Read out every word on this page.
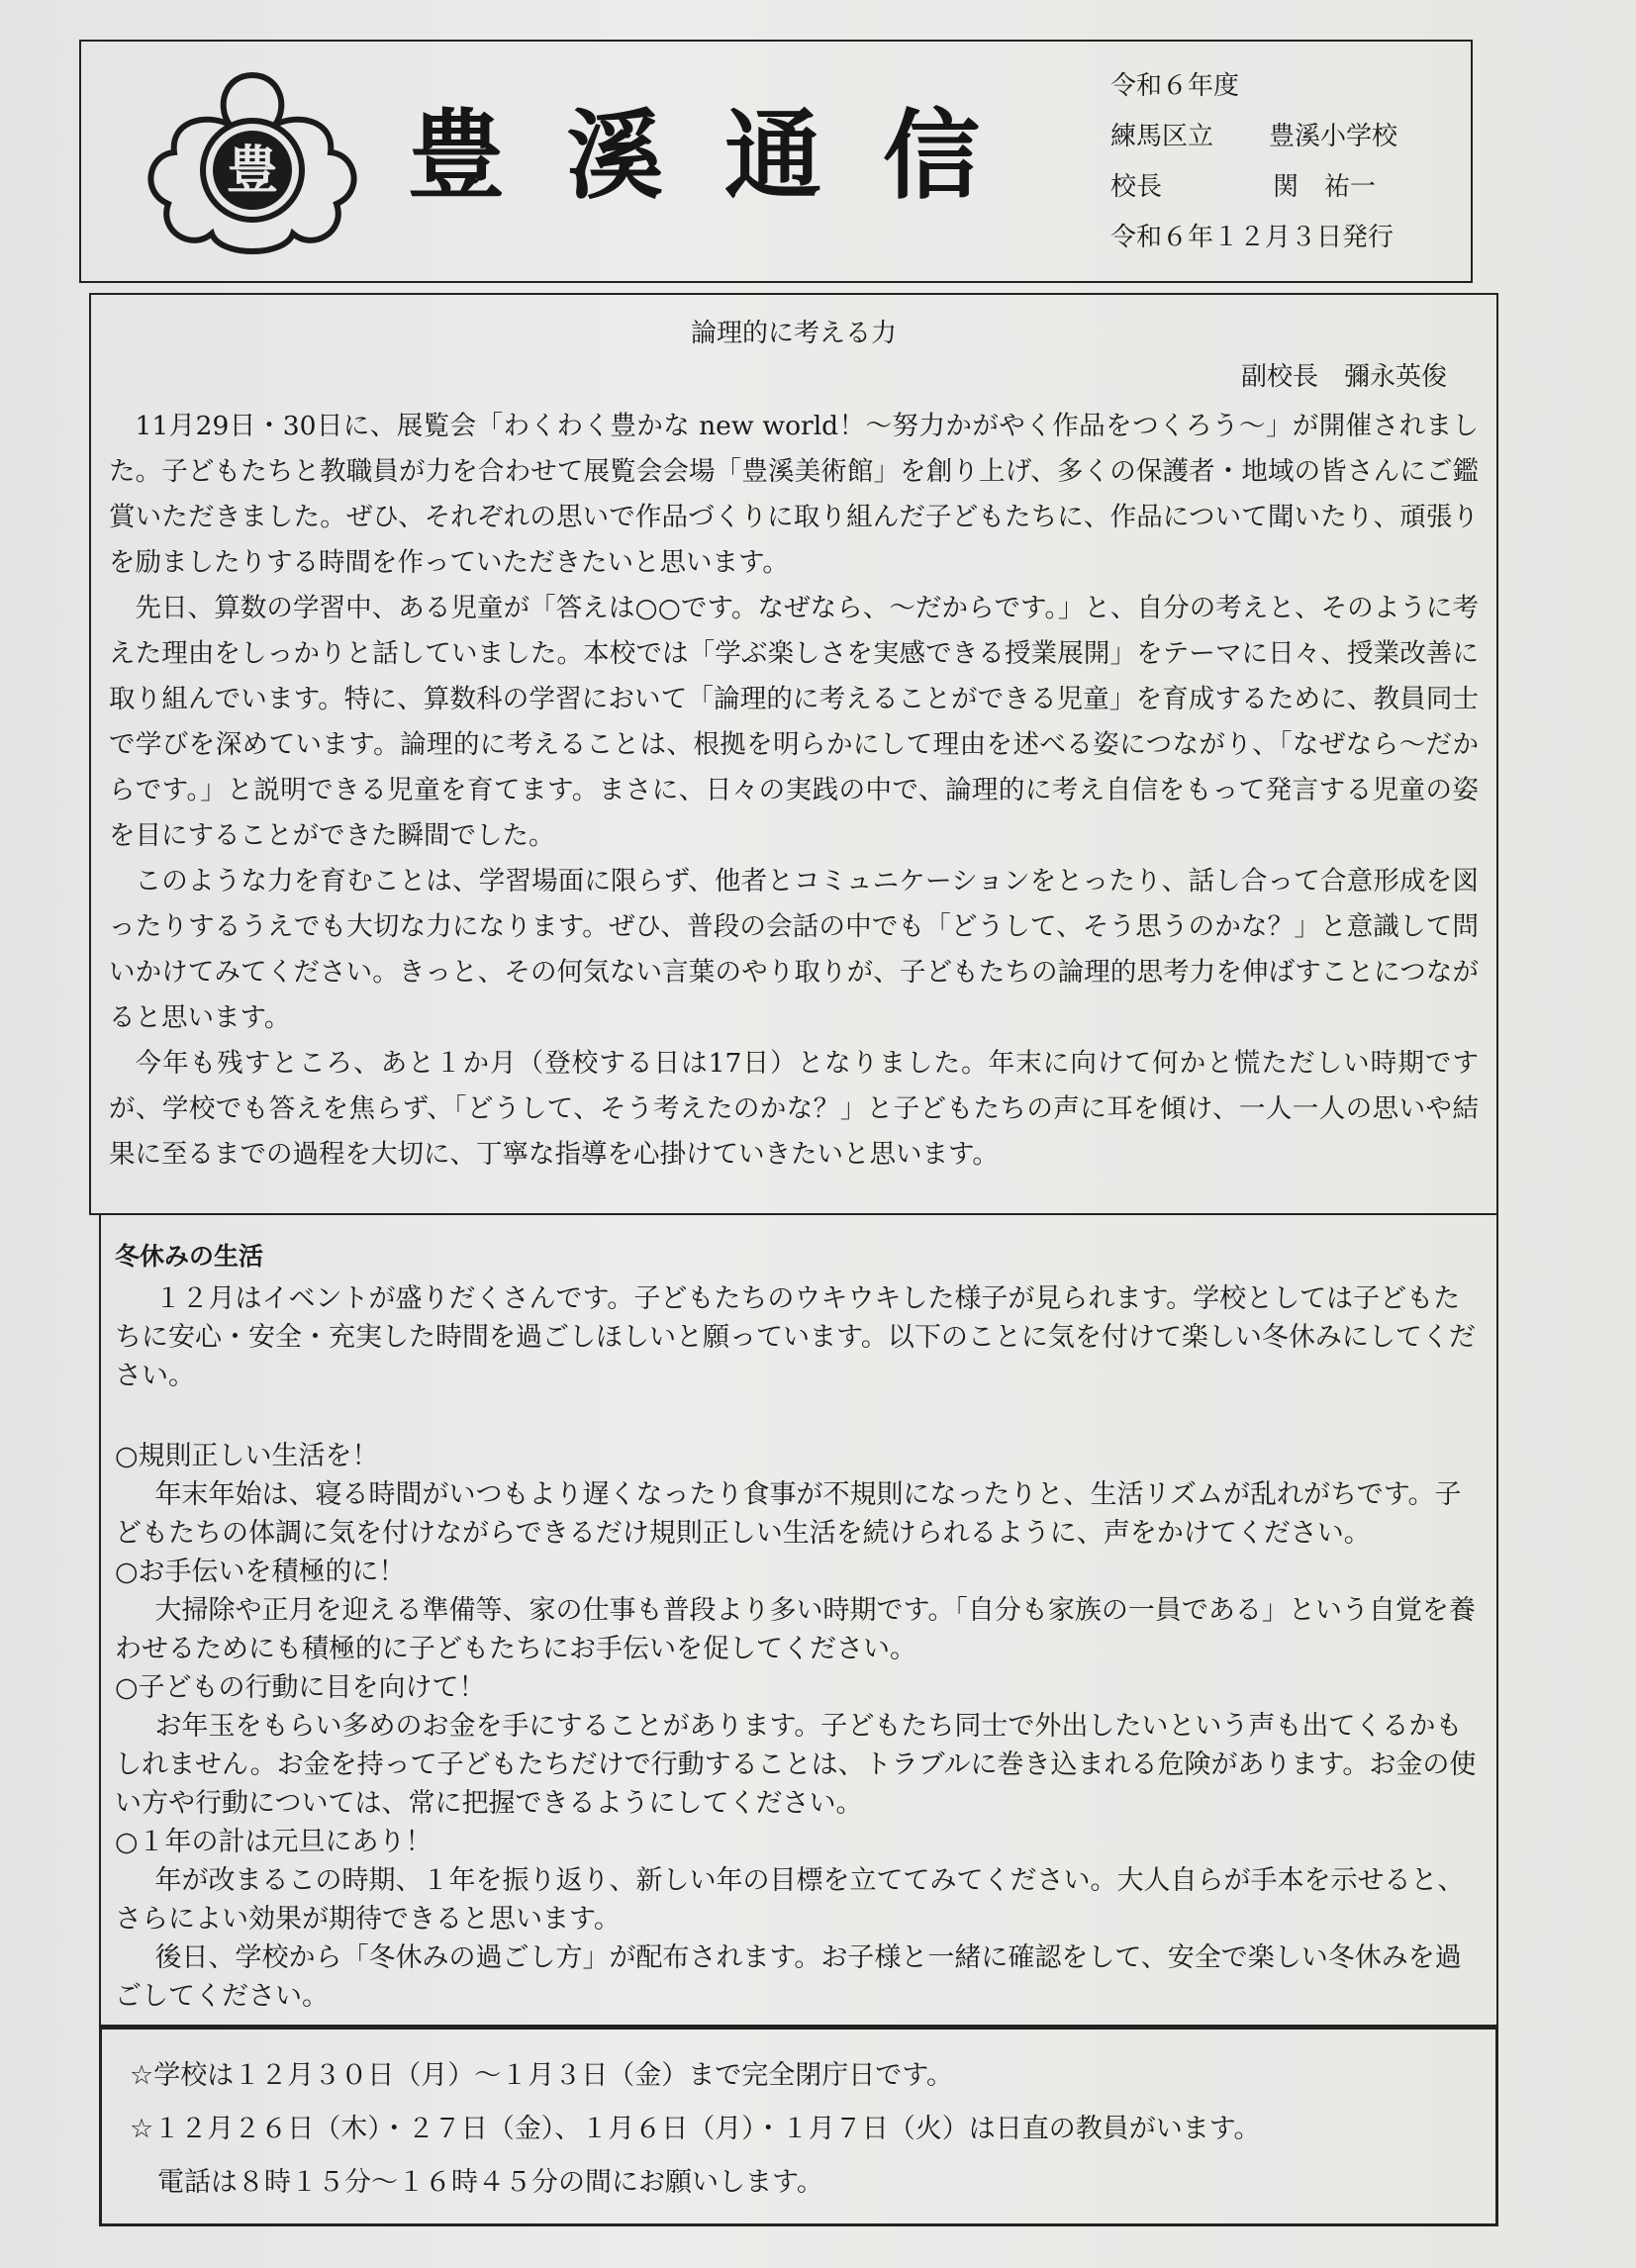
豊 豊溪通信
令和６年度
練馬区立 豊溪小学校
校長	関　祐一
令和６年１２月３日発行
論理的に考える力
副校長　彌永英俊

11月29日・30日に、展覧会「わくわく豊かな new world！～努力かがやく作品をつくろう～」が開催されました。子どもたちと教職員が力を合わせて展覧会会場「豊溪美術館」を創り上げ、多くの保護者・地域の皆さんにご鑑賞いただきました。ぜひ、それぞれの思いで作品づくりに取り組んだ子どもたちに、作品について聞いたり、頑張りを励ましたりする時間を作っていただきたいと思います。

先日、算数の学習中、ある児童が「答えは○○です。なぜなら、～だからです。」と、自分の考えと、そのように考えた理由をしっかりと話していました。本校では「学ぶ楽しさを実感できる授業展開」をテーマに日々、授業改善に取り組んでいます。特に、算数科の学習において「論理的に考えることができる児童」を育成するために、教員同士で学びを深めています。論理的に考えることは、根拠を明らかにして理由を述べる姿につながり、「なぜなら～だからです。」と説明できる児童を育てます。まさに、日々の実践の中で、論理的に考え自信をもって発言する児童の姿を目にすることができた瞬間でした。

このような力を育むことは、学習場面に限らず、他者とコミュニケーションをとったり、話し合って合意形成を図ったりするうえでも大切な力になります。ぜひ、普段の会話の中でも「どうして、そう思うのかな？」と意識して問いかけてみてください。きっと、その何気ない言葉のやり取りが、子どもたちの論理的思考力を伸ばすことにつながると思います。

今年も残すところ、あと１か月（登校する日は17日）となりました。年末に向けて何かと慌ただしい時期ですが、学校でも答えを焦らず、「どうして、そう考えたのかな？」と子どもたちの声に耳を傾け、一人一人の思いや結果に至るまでの過程を大切に、丁寧な指導を心掛けていきたいと思います。

冬休みの生活

１２月はイベントが盛りだくさんです。子どもたちのウキウキした様子が見られます。学校としては子どもたちに安心・安全・充実した時間を過ごしほしいと願っています。以下のことに気を付けて楽しい冬休みにしてください。

○規則正しい生活を！

年末年始は、寝る時間がいつもより遅くなったり食事が不規則になったりと、生活リズムが乱れがちです。子どもたちの体調に気を付けながらできるだけ規則正しい生活を続けられるように、声をかけてください。

○お手伝いを積極的に！

大掃除や正月を迎える準備等、家の仕事も普段より多い時期です。「自分も家族の一員である」という自覚を養わせるためにも積極的に子どもたちにお手伝いを促してください。

○子どもの行動に目を向けて！

お年玉をもらい多めのお金を手にすることがあります。子どもたち同士で外出したいという声も出てくるかもしれません。お金を持って子どもたちだけで行動することは、トラブルに巻き込まれる危険があります。お金の使い方や行動については、常に把握できるようにしてください。

○１年の計は元旦にあり！

年が改まるこの時期、１年を振り返り、新しい年の目標を立ててみてください。大人自らが手本を示せると、さらによい効果が期待できると思います。

後日、学校から「冬休みの過ごし方」が配布されます。お子様と一緒に確認をして、安全で楽しい冬休みを過ごしてください。

☆学校は１２月３０日（月）～１月３日（金）まで完全閉庁日です。

☆１２月２６日（木）・２７日（金）、１月６日（月）・１月７日（火）は日直の教員がいます。

電話は８時１５分～１６時４５分の間にお願いします。
